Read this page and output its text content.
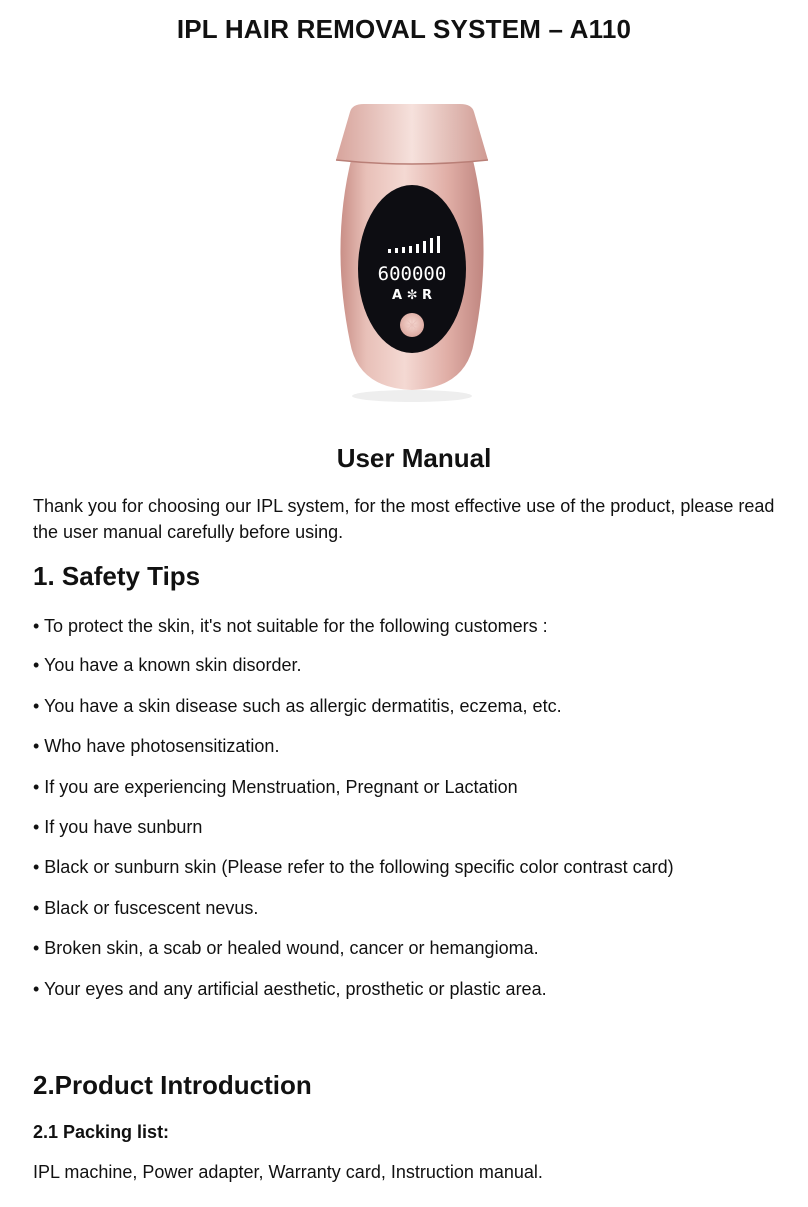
IPL HAIR REMOVAL SYSTEM – A110
600000
A ✼ R
User Manual
Thank you for choosing our IPL system, for the most effective use of the product, please read the user manual carefully before using.
1. Safety Tips
• To protect the skin, it's not suitable for the following customers :
• You have a known skin disorder.
• You have a skin disease such as allergic dermatitis, eczema, etc.
• Who have photosensitization.
• If you are experiencing Menstruation, Pregnant or Lactation
• If you have sunburn
• Black or sunburn skin (Please refer to the following specific color contrast card)
• Black or fuscescent nevus.
• Broken skin, a scab or healed wound, cancer or hemangioma.
• Your eyes and any artificial aesthetic, prosthetic or plastic area.
2.Product Introduction
2.1 Packing list:
IPL machine, Power adapter, Warranty card, Instruction manual.
